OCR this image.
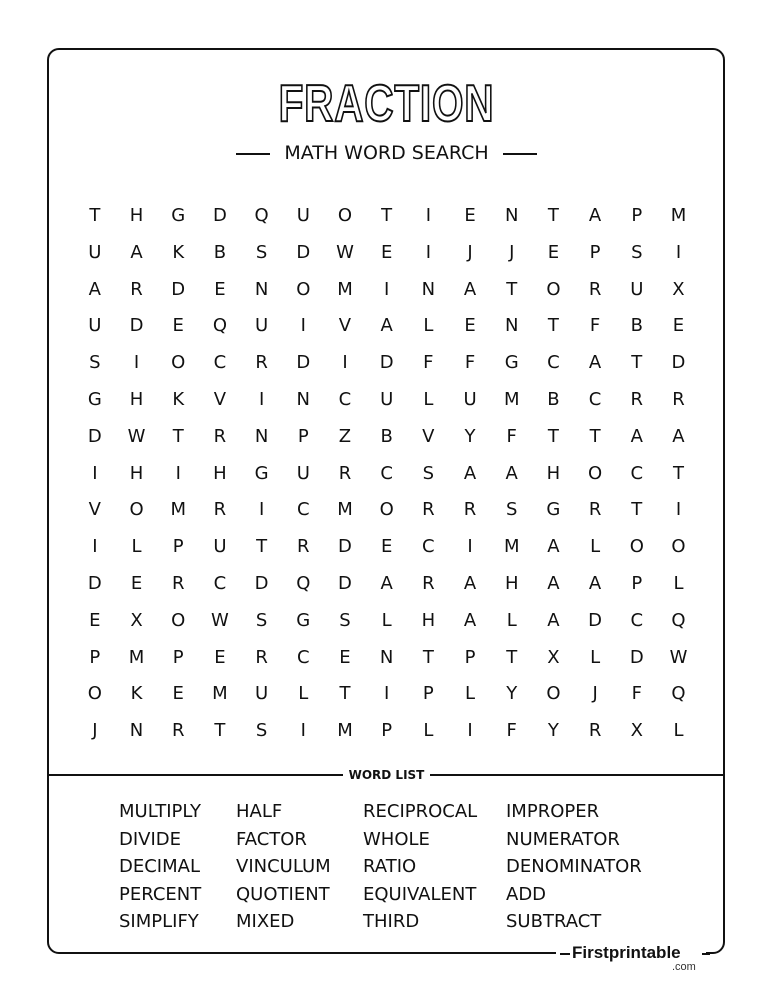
FRACTION
MATH WORD SEARCH
T	H	G	D	Q	U	O	T	I	E	N	T	A	P	M
U	A	K	B	S	D	W	E	I	J	J	E	P	S	I
A	R	D	E	N	O	M	I	N	A	T	O	R	U	X
U	D	E	Q	U	I	V	A	L	E	N	T	F	B	E
S	I	O	C	R	D	I	D	F	F	G	C	A	T	D
G	H	K	V	I	N	C	U	L	U	M	B	C	R	R
D	W	T	R	N	P	Z	B	V	Y	F	T	T	A	A
I	H	I	H	G	U	R	C	S	A	A	H	O	C	T
V	O	M	R	I	C	M	O	R	R	S	G	R	T	I
I	L	P	U	T	R	D	E	C	I	M	A	L	O	O
D	E	R	C	D	Q	D	A	R	A	H	A	A	P	L
E	X	O	W	S	G	S	L	H	A	L	A	D	C	Q
P	M	P	E	R	C	E	N	T	P	T	X	L	D	W
O	K	E	M	U	L	T	I	P	L	Y	O	J	F	Q
J	N	R	T	S	I	M	P	L	I	F	Y	R	X	L
WORD LIST
MULTIPLY
DIVIDE
DECIMAL
PERCENT
SIMPLIFY
HALF
FACTOR
VINCULUM
QUOTIENT
MIXED
RECIPROCAL
WHOLE
RATIO
EQUIVALENT
THIRD
IMPROPER
NUMERATOR
DENOMINATOR
ADD
SUBTRACT
Firstprintable
.com
